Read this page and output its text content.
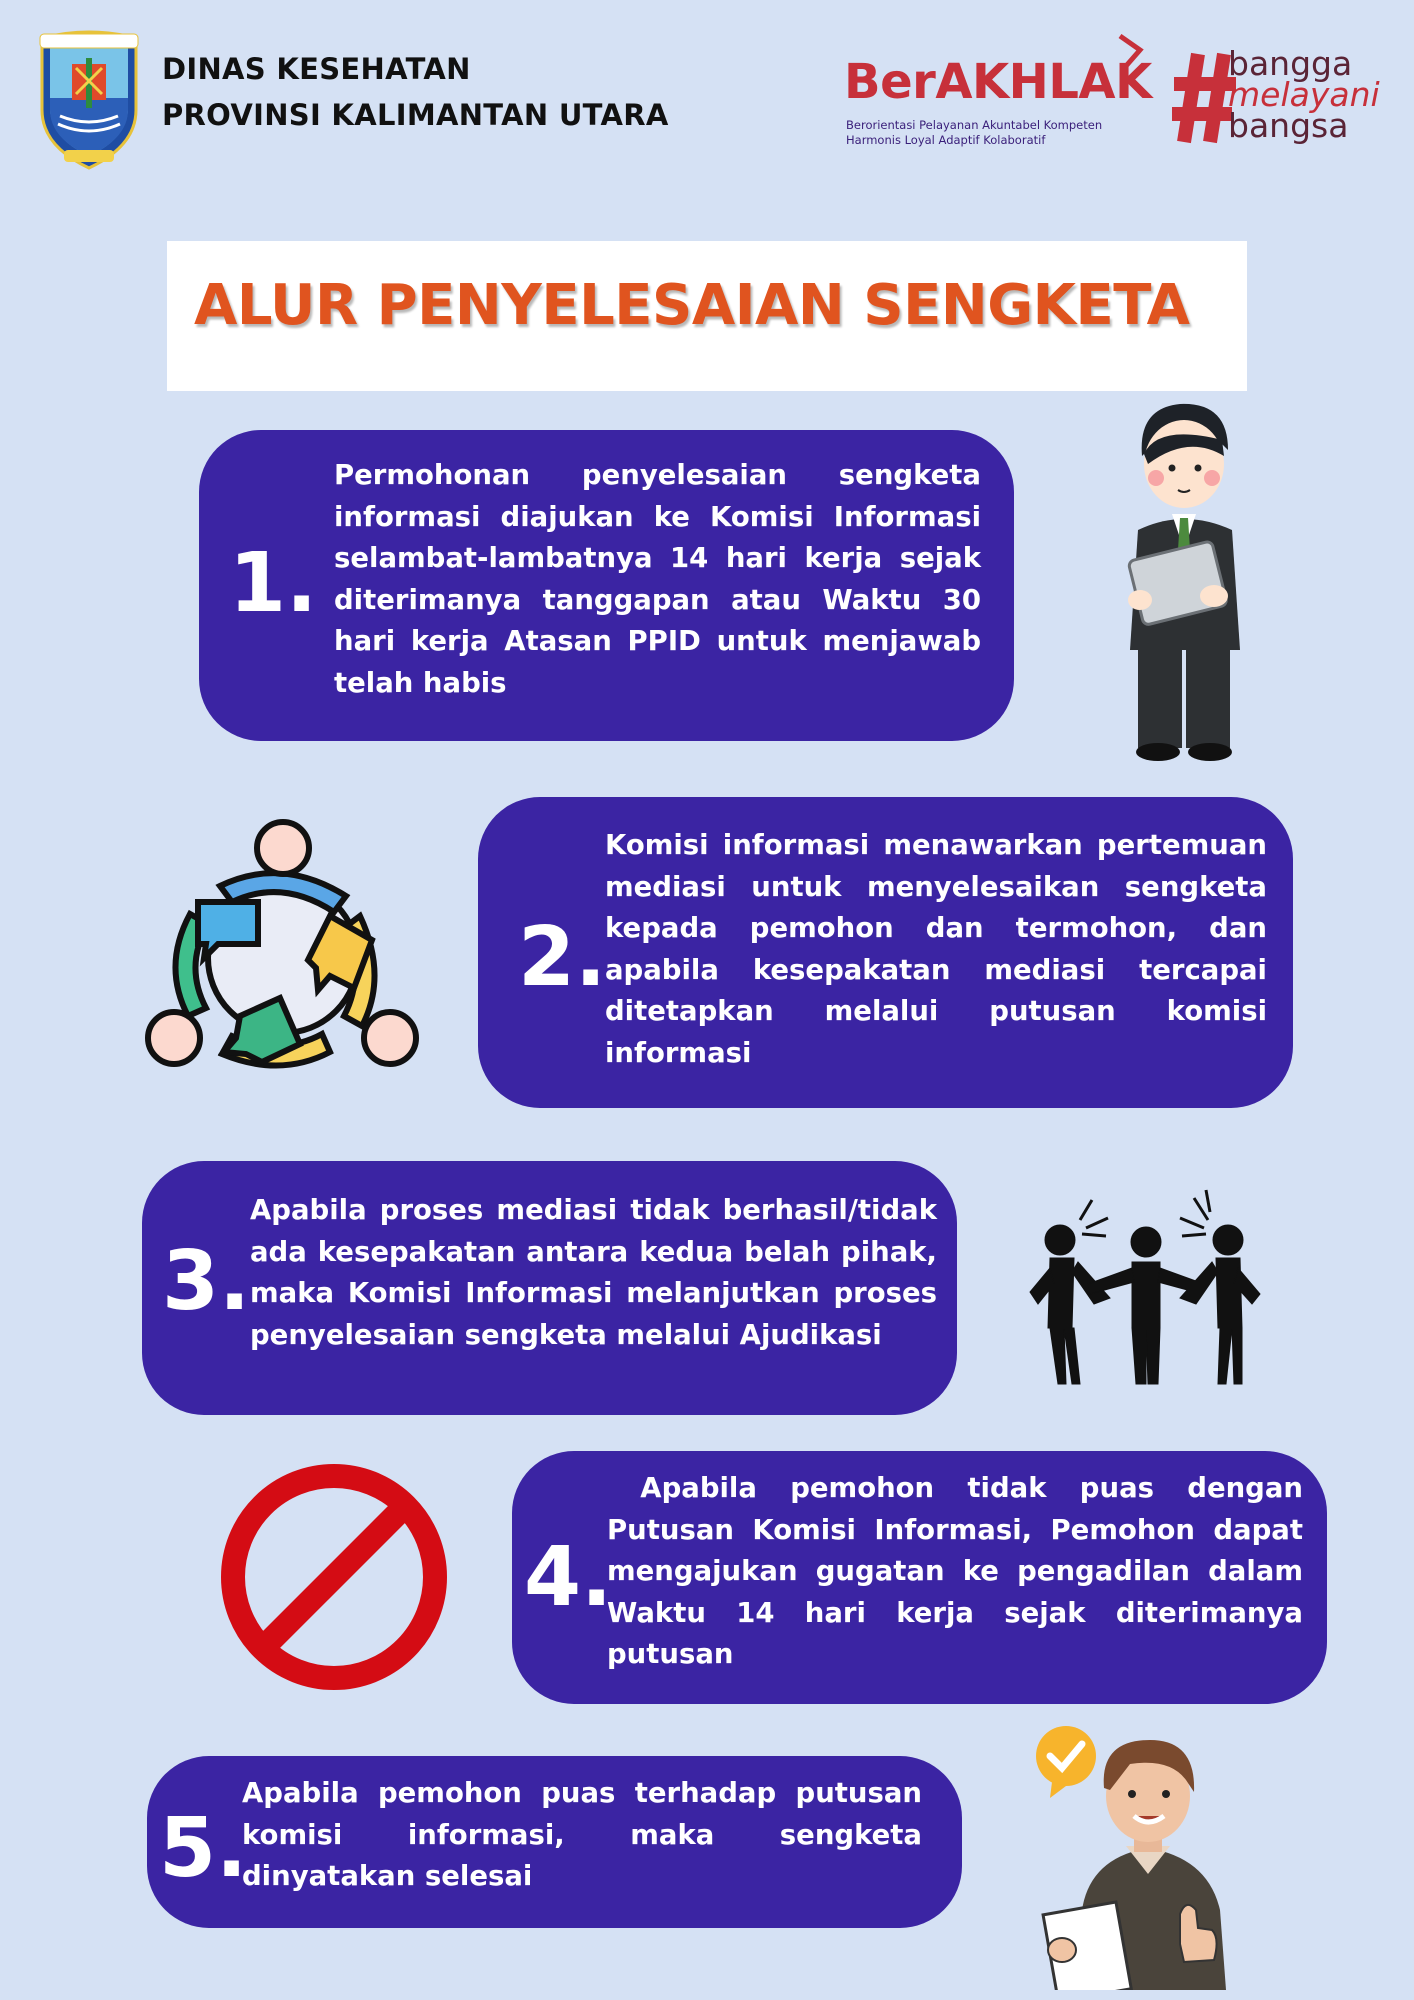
DINAS KESEHATAN
PROVINSI KALIMANTAN UTARA
BerAKHLAK
Berorientasi Pelayanan Akuntabel Kompeten
Harmonis Loyal Adaptif Kolaboratif
bangga
melayani
bangsa
ALUR PENYELESAIAN SENGKETA
1.
Permohonan penyelesaian sengketa informasi diajukan ke Komisi Informasi selambat-lambatnya 14 hari kerja sejak diterimanya tanggapan atau Waktu 30 hari kerja Atasan PPID untuk menjawab telah habis
2.
Komisi informasi menawarkan pertemuan mediasi untuk menyelesaikan sengketa kepada pemohon dan termohon, dan apabila kesepakatan mediasi tercapai ditetapkan melalui putusan komisi informasi
3.
Apabila proses mediasi tidak berhasil/tidak ada kesepakatan antara kedua belah pihak, maka Komisi Informasi melanjutkan proses penyelesaian sengketa melalui Ajudikasi
4.
Apabila pemohon tidak puas dengan Putusan Komisi Informasi, Pemohon dapat mengajukan gugatan ke pengadilan dalam Waktu 14 hari kerja sejak diterimanya putusan
5.
Apabila pemohon puas terhadap putusan komisi informasi, maka sengketa dinyatakan selesai
